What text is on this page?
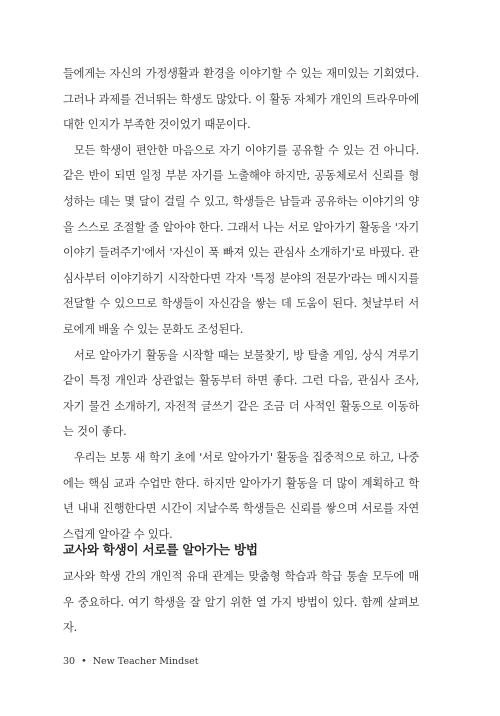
들에게는 자신의 가정생활과 환경을 이야기할 수 있는 재미있는 기회였다. 그러나 과제를 건너뛰는 학생도 많았다. 이 활동 자체가 개인의 트라우마에 대한 인지가 부족한 것이었기 때문이다.

모든 학생이 편안한 마음으로 자기 이야기를 공유할 수 있는 건 아니다. 같은 반이 되면 일정 부분 자기를 노출해야 하지만, 공동체로서 신뢰를 형성하는 데는 몇 달이 걸릴 수 있고, 학생들은 남들과 공유하는 이야기의 양을 스스로 조절할 줄 알아야 한다. 그래서 나는 서로 알아가기 활동을 '자기 이야기 들려주기'에서 '자신이 푹 빠져 있는 관심사 소개하기'로 바꿨다. 관심사부터 이야기하기 시작한다면 각자 '특정 분야의 전문가'라는 메시지를 전달할 수 있으므로 학생들이 자신감을 쌓는 데 도움이 된다. 첫날부터 서로에게 배울 수 있는 문화도 조성된다.

서로 알아가기 활동을 시작할 때는 보물찾기, 방 탈출 게임, 상식 겨루기같이 특정 개인과 상관없는 활동부터 하면 좋다. 그런 다음, 관심사 조사, 자기 물건 소개하기, 자전적 글쓰기 같은 조금 더 사적인 활동으로 이동하는 것이 좋다.

우리는 보통 새 학기 초에 '서로 알아가기' 활동을 집중적으로 하고, 나중에는 핵심 교과 수업만 한다. 하지만 알아가기 활동을 더 많이 계획하고 학년 내내 진행한다면 시간이 지날수록 학생들은 신뢰를 쌓으며 서로를 자연스럽게 알아갈 수 있다.

교사와 학생이 서로를 알아가는 방법

교사와 학생 간의 개인적 유대 관계는 맞춤형 학습과 학급 통솔 모두에 매우 중요하다. 여기 학생을 잘 알기 위한 열 가지 방법이 있다. 함께 살펴보자.

30 • New Teacher Mindset
